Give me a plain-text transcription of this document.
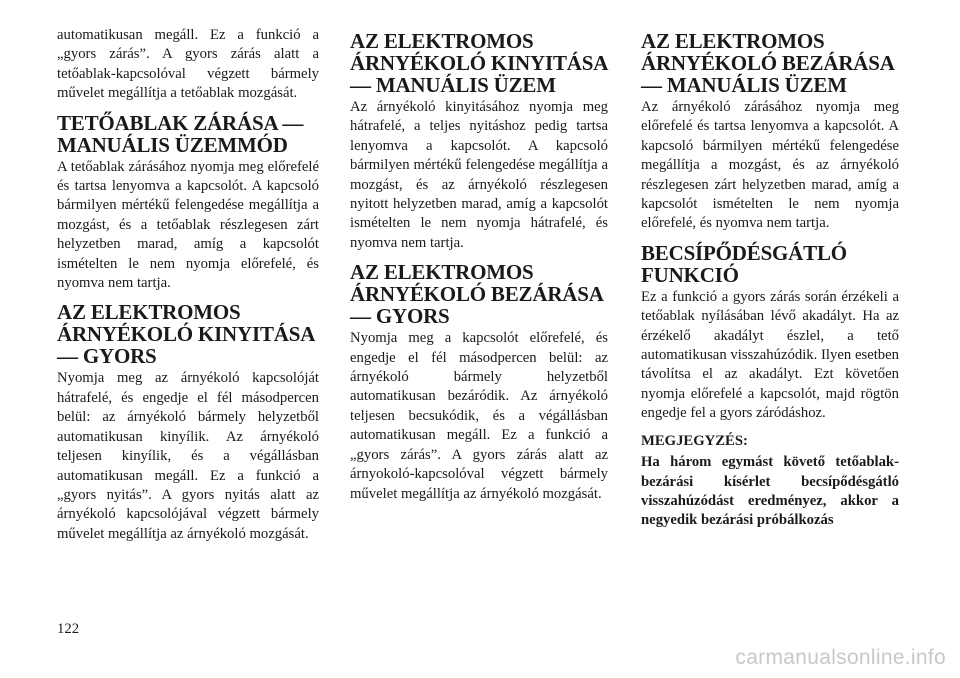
automatikusan megáll. Ez a funkció a „gyors zárás”. A gyors zárás alatt a tetőablak-kapcsolóval végzett bármely művelet megállítja a tetőablak mozgását.

TETŐABLAK ZÁRÁSA — MANUÁLIS ÜZEMMÓD

A tetőablak zárásához nyomja meg előrefelé és tartsa lenyomva a kapcsolót. A kapcsoló bármilyen mértékű felengedése megállítja a mozgást, és a tetőablak részlegesen zárt helyzetben marad, amíg a kapcsolót ismételten le nem nyomja előrefelé, és nyomva nem tartja.

AZ ELEKTROMOS ÁRNYÉKOLÓ KINYITÁSA — GYORS

Nyomja meg az árnyékoló kapcsolóját hátrafelé, és engedje el fél másodpercen belül: az árnyékoló bármely helyzetből automatikusan kinyílik. Az árnyékoló teljesen kinyílik, és a végállásban automatikusan megáll. Ez a funkció a „gyors nyitás”. A gyors nyitás alatt az árnyékoló kapcsolójával végzett bármely művelet megállítja az árnyékoló mozgását.

AZ ELEKTROMOS ÁRNYÉKOLÓ KINYITÁSA — MANUÁLIS ÜZEM

Az árnyékoló kinyitásához nyomja meg hátrafelé, a teljes nyitáshoz pedig tartsa lenyomva a kapcsolót. A kapcsoló bármilyen mértékű felengedése megállítja a mozgást, és az árnyékoló részlegesen nyitott helyzetben marad, amíg a kapcsolót ismételten le nem nyomja hátrafelé, és nyomva nem tartja.

AZ ELEKTROMOS ÁRNYÉKOLÓ BEZÁRÁSA — GYORS

Nyomja meg a kapcsolót előrefelé, és engedje el fél másodpercen belül: az árnyékoló bármely helyzetből automatikusan bezáródik. Az árnyékoló teljesen becsukódik, és a végállásban automatikusan megáll. Ez a funkció a „gyors zárás”. A gyors zárás alatt az árnyokoló-kapcsolóval végzett bármely művelet megállítja az árnyékoló mozgását.

AZ ELEKTROMOS ÁRNYÉKOLÓ BEZÁRÁSA — MANUÁLIS ÜZEM

Az árnyékoló zárásához nyomja meg előrefelé és tartsa lenyomva a kapcsolót. A kapcsoló bármilyen mértékű felengedése megállítja a mozgást, és az árnyékoló részlegesen zárt helyzetben marad, amíg a kapcsolót ismételten le nem nyomja előrefelé, és nyomva nem tartja.

BECSÍPŐDÉSGÁTLÓ FUNKCIÓ

Ez a funkció a gyors zárás során érzékeli a tetőablak nyílásában lévő akadályt. Ha az érzékelő akadályt észlel, a tető automatikusan visszahúzódik. Ilyen esetben távolítsa el az akadályt. Ezt követően nyomja előrefelé a kapcsolót, majd rögtön engedje fel a gyors záródáshoz.

MEGJEGYZÉS:

Ha három egymást követő tetőablak-bezárási kísérlet becsípődésgátló visszahúzódást eredményez, akkor a negyedik bezárási próbálkozás

122
carmanualsonline.info
